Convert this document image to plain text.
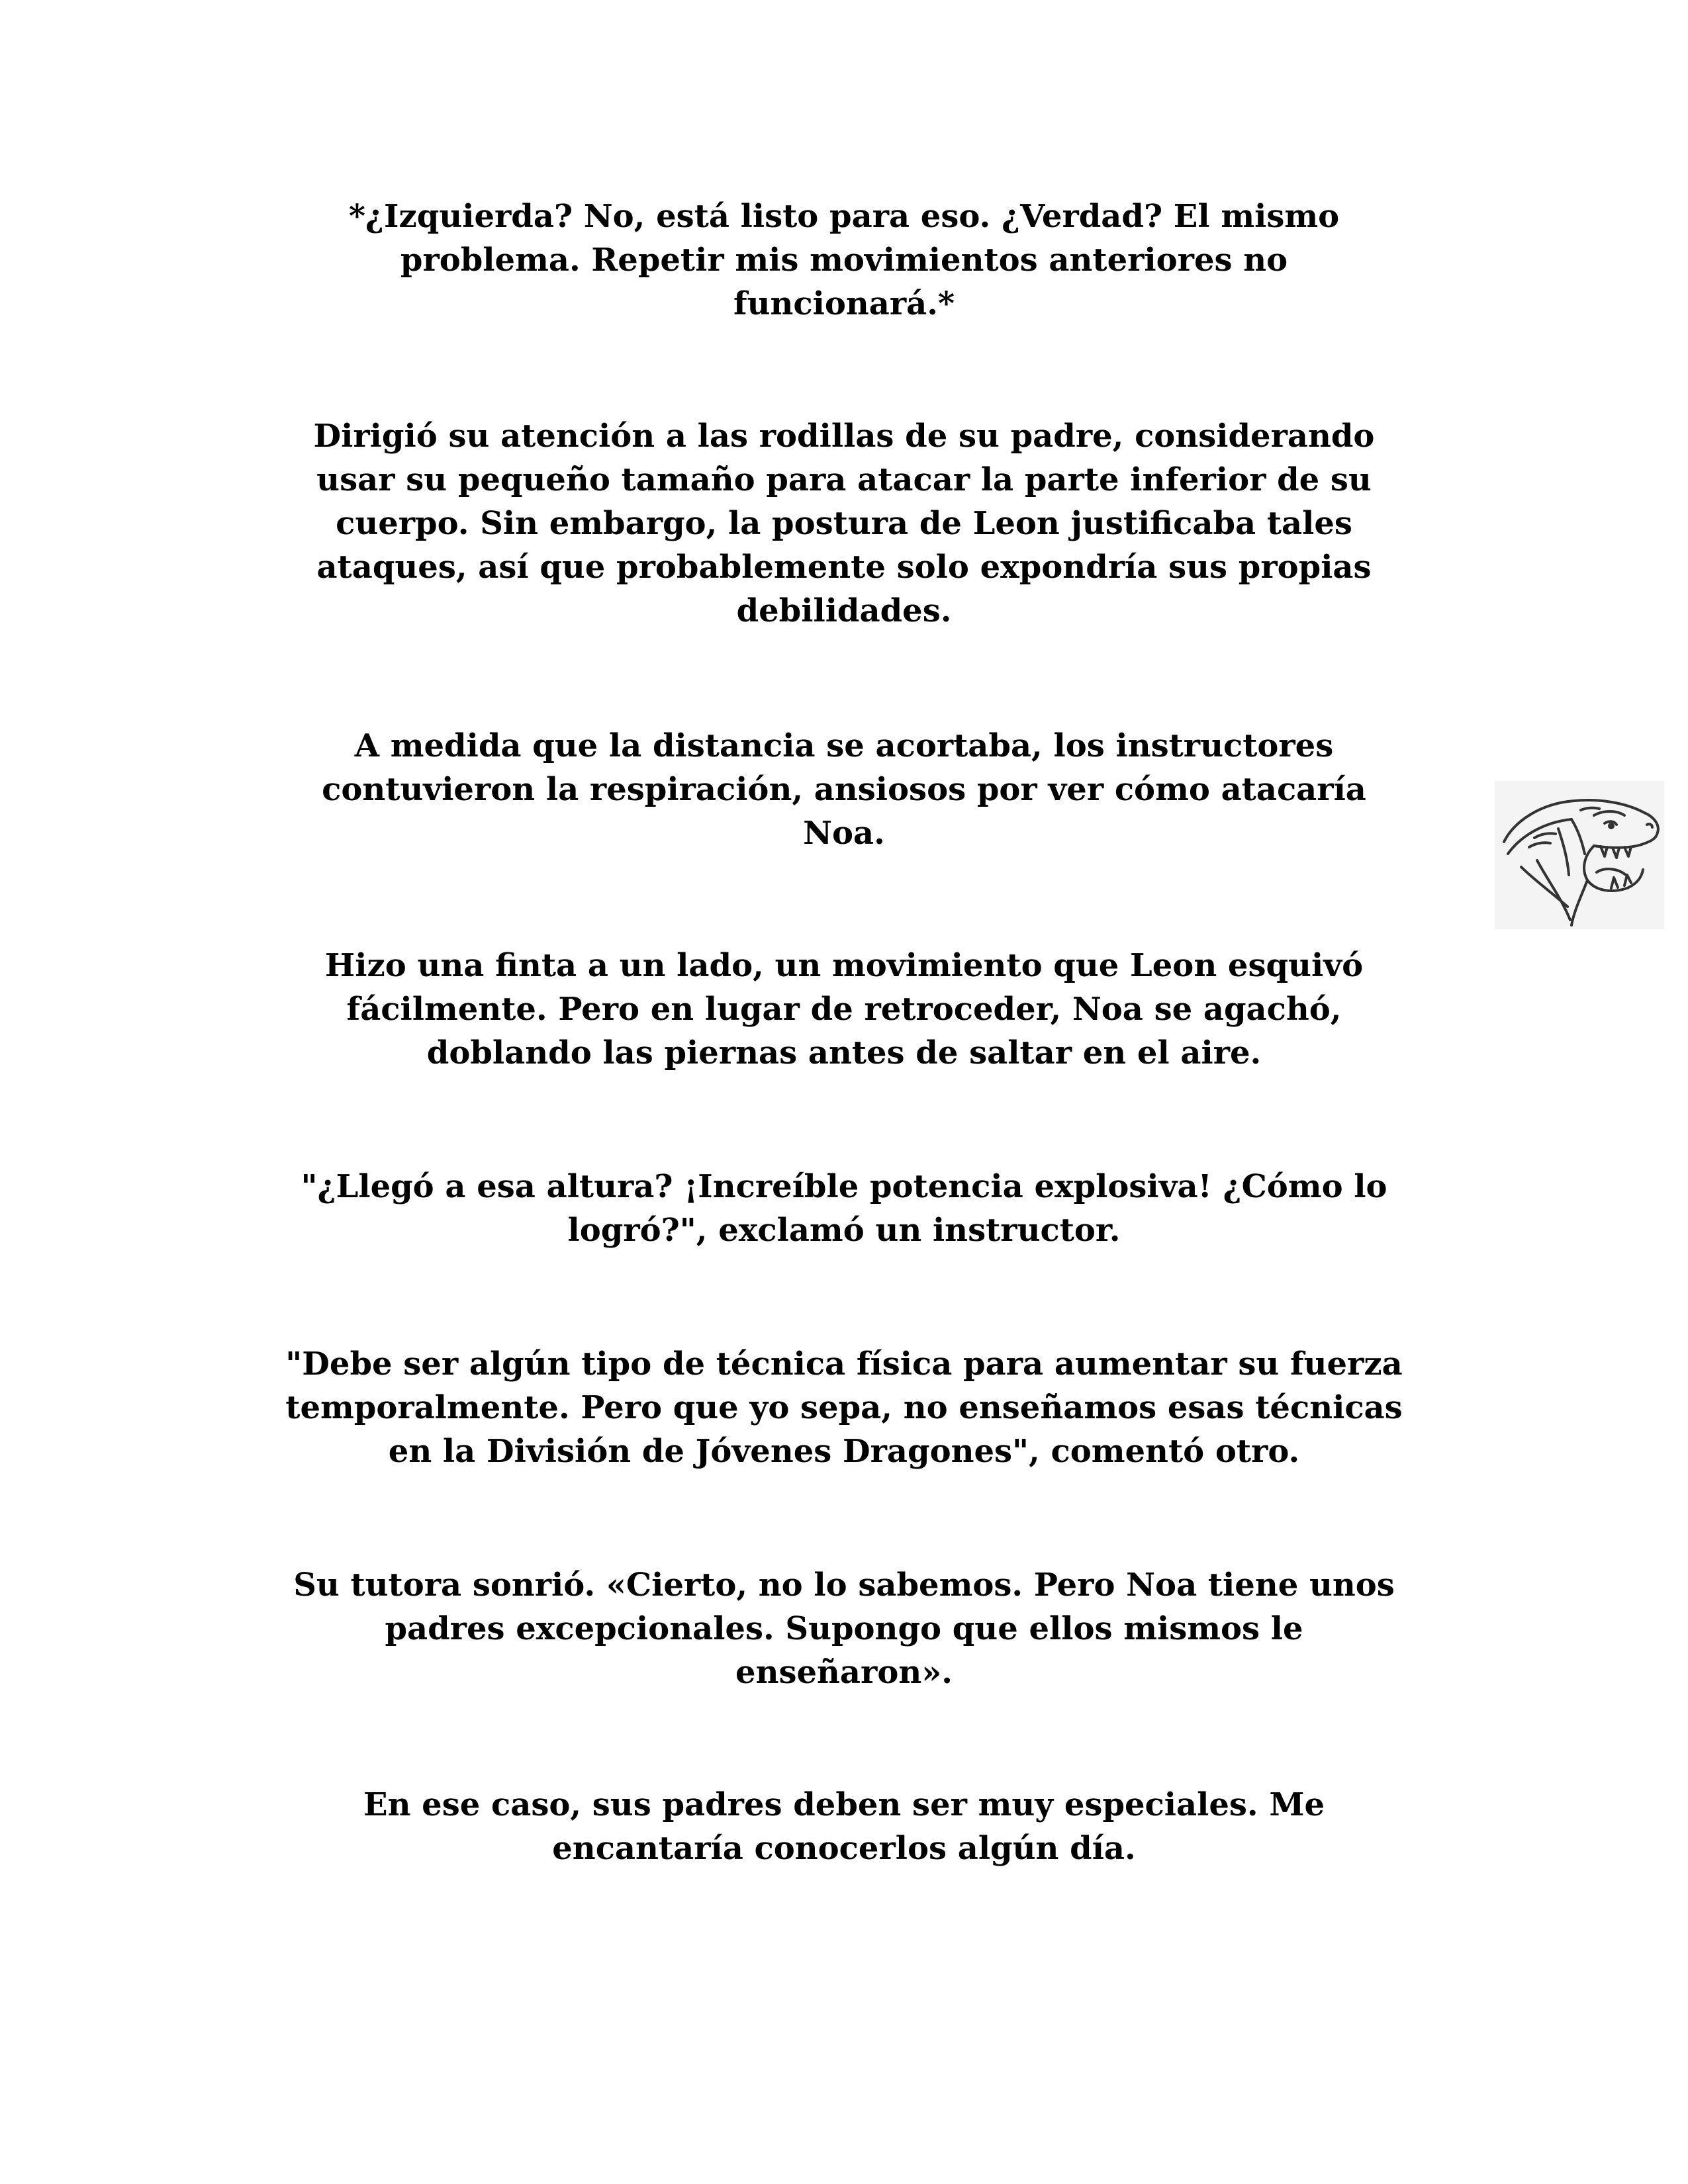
*¿Izquierda? No, está listo para eso. ¿Verdad? El mismo
problema. Repetir mis movimientos anteriores no
funcionará.*

Dirigió su atención a las rodillas de su padre, considerando
usar su pequeño tamaño para atacar la parte inferior de su
cuerpo. Sin embargo, la postura de Leon justificaba tales
ataques, así que probablemente solo expondría sus propias
debilidades.

A medida que la distancia se acortaba, los instructores
contuvieron la respiración, ansiosos por ver cómo atacaría
Noa.

Hizo una finta a un lado, un movimiento que Leon esquivó
fácilmente. Pero en lugar de retroceder, Noa se agachó,
doblando las piernas antes de saltar en el aire.

"¿Llegó a esa altura? ¡Increíble potencia explosiva! ¿Cómo lo
logró?", exclamó un instructor.

"Debe ser algún tipo de técnica física para aumentar su fuerza
temporalmente. Pero que yo sepa, no enseñamos esas técnicas
en la División de Jóvenes Dragones", comentó otro.

Su tutora sonrió. «Cierto, no lo sabemos. Pero Noa tiene unos
padres excepcionales. Supongo que ellos mismos le
enseñaron».

En ese caso, sus padres deben ser muy especiales. Me
encantaría conocerlos algún día.
